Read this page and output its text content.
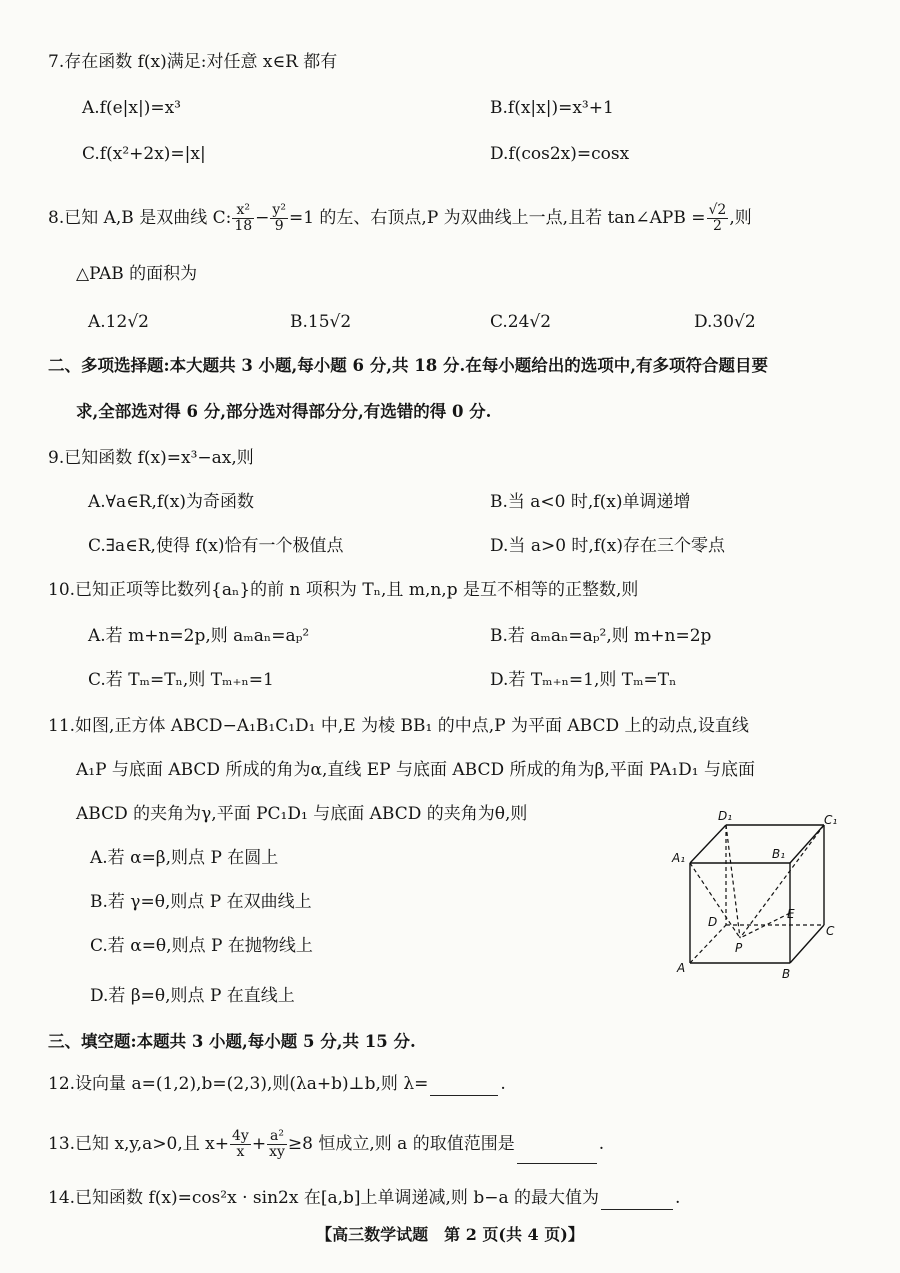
7.存在函数 f(x)满足:对任意 x∈R 都有
A.f(e|x|)=x³	B.f(x|x|)=x³+1
C.f(x²+2x)=|x|	D.f(cos2x)=cosx
8.已知 A,B 是双曲线 C: $\frac{\text{x²}}{18} - \frac{\text{y²}}{9} =1$ 的左、右顶点,P 为双曲线上一点,且若 tan∠APB = $\frac{√2}{2}$ ,则
△PAB 的面积为
A.12√2	B.15√2	C.24√2	D.30√2
二、多项选择题:本大题共 3 小题,每小题 6 分,共 18 分.在每小题给出的选项中,有多项符合题目要
求,全部选对得 6 分,部分选对得部分分,有选错的得 0 分.
9.已知函数 f(x)=x³−ax,则
A.∀a∈R,f(x)为奇函数	B.当 a<0 时,f(x)单调递增
C.∃a∈R,使得 f(x)恰有一个极值点	D.当 a>0 时,f(x)存在三个零点
10.已知正项等比数列{aₙ}的前 n 项积为 Tₙ,且 m,n,p 是互不相等的正整数,则
A.若 m+n=2p,则 aₘaₙ=aₚ²	B.若 aₘaₙ=aₚ²,则 m+n=2p
C.若 Tₘ=Tₙ,则 Tₘ₊ₙ=1	D.若 Tₘ₊ₙ=1,则 Tₘ=Tₙ
11.如图,正方体 ABCD−A₁B₁C₁D₁ 中,E 为棱 BB₁ 的中点,P 为平面 ABCD 上的动点,设直线
A₁P 与底面 ABCD 所成的角为α,直线 EP 与底面 ABCD 所成的角为β,平面 PA₁D₁ 与底面
ABCD 的夹角为γ,平面 PC₁D₁ 与底面 ABCD 的夹角为θ,则
A.若 α=β,则点 P 在圆上
B.若 γ=θ,则点 P 在双曲线上
C.若 α=θ,则点 P 在抛物线上
D.若 β=θ,则点 P 在直线上
D₁	C₁
A₁	B₁
D
E
C
P
A	B
三、填空题:本题共 3 小题,每小题 5 分,共 15 分.
12.设向量 a=(1,2),b=(2,3),则(λa+b)⊥b,则 λ=	.
13.已知 x,y,a>0,且 $x+ \frac{4y}{x} + \frac{\text{a²}}{xy} \ge 8$ 恒成立,则 a 的取值范围是	.
14.已知函数 f(x)=cos²x · sin2x 在[a,b]上单调递减,则 b−a 的最大值为	.
【高三数学试题　第 2 页(共 4 页)】
